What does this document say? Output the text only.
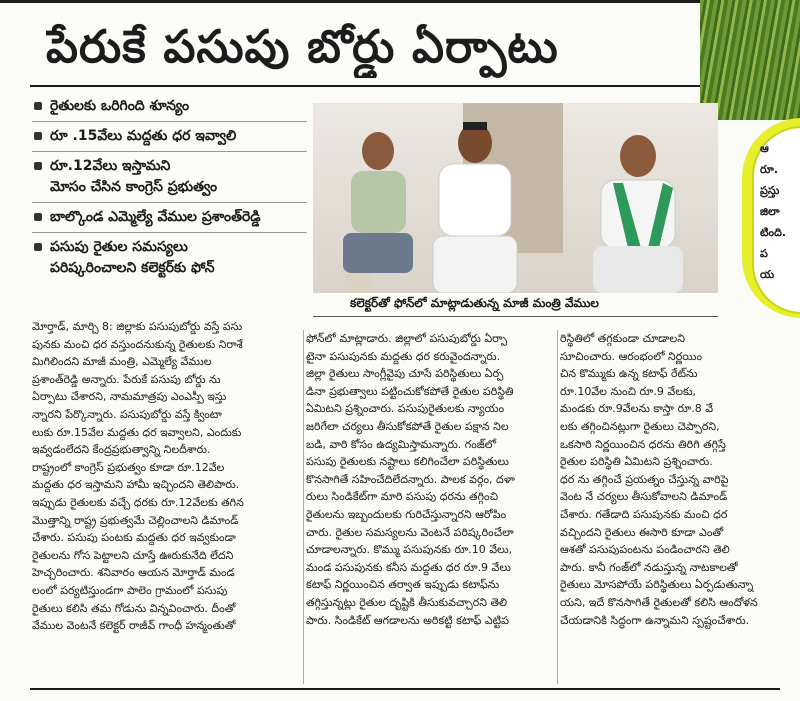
ఆ
రూ.
ప్రస్తు
జిలా
టింది.
ప
య
పేరుకే పసుపు బోర్డు ఏర్పాటు
రైతులకు ఒరిగింది శూన్యం
రూ .15వేలు మద్దతు ధర ఇవ్వాలి
రూ.12వేలు ఇస్తామని
మోసం చేసిన కాంగ్రెస్ ప్రభుత్వం
బాల్కొండ ఎమ్మెల్యే వేముల ప్రశాంత్‌రెడ్డి
పసుపు రైతుల సమస్యలు
పరిష్కరించాలని కలెక్టర్‌కు ఫోన్
కలెక్టర్‌తో ఫోన్‌లో మాట్లాడుతున్న మాజీ మంత్రి వేముల
మోర్తాడ్, మార్చి 8: జిల్లాకు పసుపుబోర్డు వస్తే పసు
పునకు మంచి ధర వస్తుందనుకున్న రైతులకు నిరాశే
మిగిలిందని మాజీ మంత్రి, ఎమ్మెల్యే వేముల
ప్రశాంత్‌రెడ్డి అన్నారు. పేరుకే పసుపు బోర్డు ను
ఏర్పాటు చేశారని, నామమాత్రపు ఎంఎస్పీ ఇస్తు
న్నారని పేర్కొన్నారు. పసుపుబోర్డు వస్తే క్వింటా
లుకు రూ.15వేల మద్దతు ధర ఇవ్వాలని, ఎందుకు
ఇవ్వడంలేదని కేంద్రప్రభుత్వాన్ని నిలదీశారు.
రాష్ట్రంలో కాంగ్రెస్ ప్రభుత్వం కూడా రూ.12వేల
మద్దతు ధర ఇస్తామని హామీ ఇచ్చిందని తెలిపారు.
ఇప్పుడు రైతులకు వచ్చే ధరకు రూ.12వేలకు తగిన
మొత్తాన్ని రాష్ట్ర ప్రభుత్వమే చెల్లించాలని డిమాండ్
చేశారు. పసుపు పంటకు మద్దతు ధర ఇవ్వకుండా
రైతులను గోస పెట్టాలని చూస్తే ఊరుకునేది లేదని
హెచ్చరించారు. శనివారం ఆయన మోర్తాడ్ మండ
లంలో పర్యటిస్తుండగా పాలెం గ్రామంలో పసుపు
రైతులు కలిసి తమ గోడును విన్నవించారు. దీంతో
వేముల వెంటనే కలెక్టర్ రాజీవ్ గాంధీ హన్మంతుతో
ఫోన్‌లో మాట్లాడారు. జిల్లాలో పసుపుబోర్డు ఏర్పా
టైనా పసుపునకు మద్దతు ధర కరువైందన్నారు.
జిల్లా రైతులు సాంగ్లీవైపు చూసే పరిస్థితులు ఏర్ప
డినా ప్రభుత్వాలు పట్టించుకోకపోతే రైతుల పరిస్థితి
ఏమిటని ప్రశ్నించారు. పసుపురైతులకు న్యాయం
జరిగేలా చర్యలు తీసుకోకపోతే రైతుల పక్షాన నిల
బడి, వారి కోసం ఉద్యమిస్తామన్నారు. గంజ్‌లో
పసుపు రైతులకు నష్టాలు కలిగించేలా పరిస్థితులు
కొనసాగితే సహించేదిలేదన్నారు. పాలక వర్గం, దళా
రులు సిండికేట్‌గా మారి పసుపు ధరను తగ్గించి
రైతులను ఇబ్బందులకు గురిచేస్తున్నారని ఆరోపిం
చారు. రైతుల సమస్యలను వెంటనే పరిష్కరించేలా
చూడాలన్నారు. కొమ్ము పసుపునకు రూ.10 వేలు,
మండ పసుపునకు కనీస మద్దతు ధర రూ.9 వేలు
కటాఫ్ నిర్ణయించిన తర్వాత ఇప్పుడు కటాఫ్‌ను
తగ్గిస్తున్నట్లు రైతుల దృష్టికి తీసుకువచ్చారని తెలి
పారు. సిండికేట్ ఆగడాలను అరికట్టి కటాఫ్ ఎట్టిప
రిస్థితిలో తగ్గకుండా చూడాలని
సూచించారు. ఆరంభంలో నిర్ణయిం
చిన కొమ్ముకు ఉన్న కటాఫ్ రేట్‌ను
రూ.10వేల నుంచి రూ.9 వేలకు,
మండకు రూ.9వేలను కాస్తా రూ.8 వే
లకు తగ్గించినట్లుగా రైతులు చెప్పారని,
ఒకసారి నిర్ణయించిన ధరను తిరిగి తగ్గిస్తే
రైతుల పరిస్థితి ఏమిటని ప్రశ్నించారు.
ధర ను తగ్గించే ప్రయత్నం చేస్తున్న వారిపై
వెంట నే చర్యలు తీసుకోవాలని డిమాండ్
చేశారు. గతేడాది పసుపునకు మంచి ధర
వచ్చిందని రైతులు ఈసారి కూడా ఎంతో
ఆశతో పసుపుపంటను పండించారని తెలి
పారు. కానీ గంజ్‌లో నడుస్తున్న నాటకాలతో
రైతులు మోసపోయే పరిస్థితులు ఏర్పడుతున్నా
యని, ఇదే కొనసాగితే రైతులతో కలిసి ఆందోళన
చేయడానికి సిద్ధంగా ఉన్నామని స్పష్టంచేశారు.
